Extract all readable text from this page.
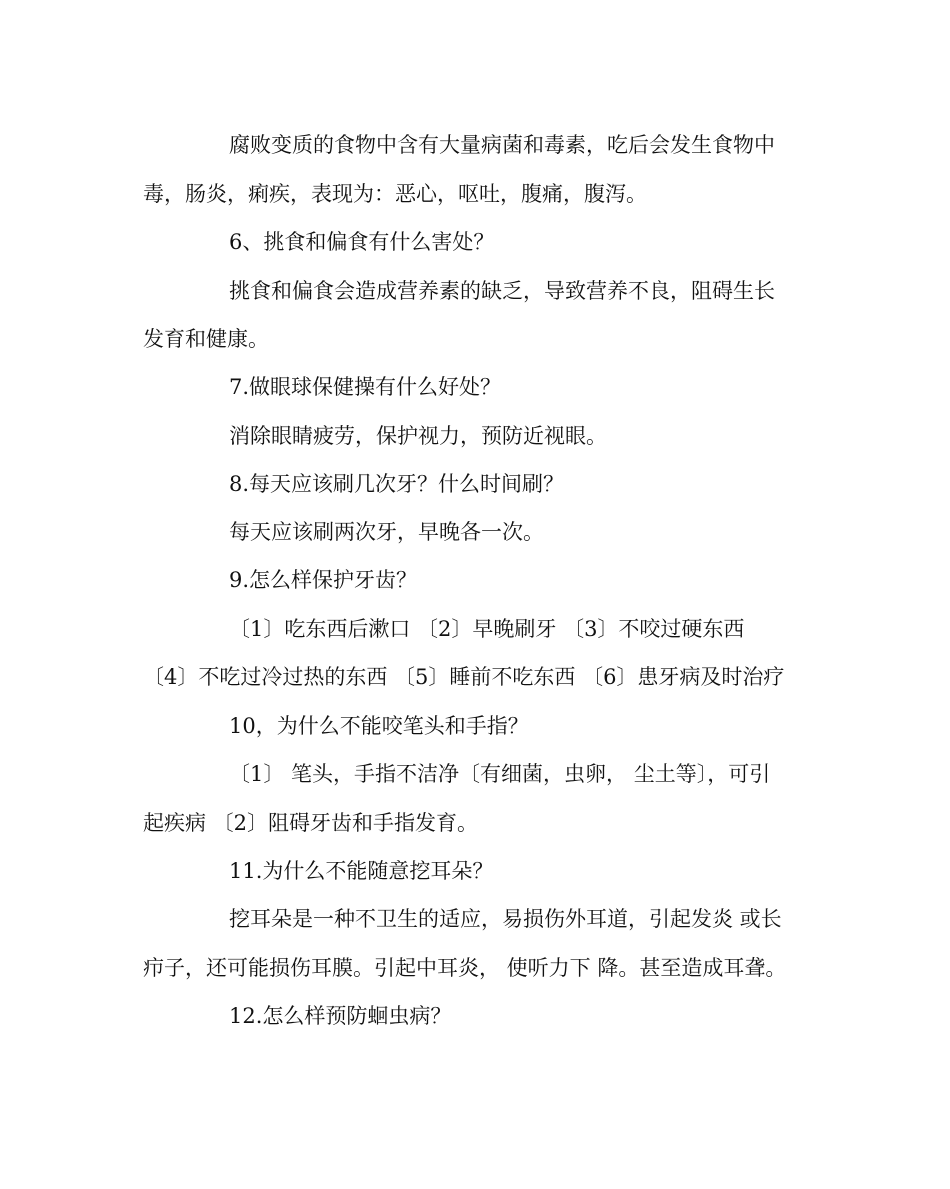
腐败变质的食物中含有大量病菌和毒素，吃后会发生食物中
毒，肠炎，痢疾，表现为：恶心，呕吐，腹痛，腹泻。
6、挑食和偏食有什么害处？
挑食和偏食会造成营养素的缺乏，导致营养不良，阻碍生长
发育和健康。
7.做眼球保健操有什么好处？
消除眼睛疲劳，保护视力，预防近视眼。
8.每天应该刷几次牙？什么时间刷？
每天应该刷两次牙，早晚各一次。
9.怎么样保护牙齿？
〔1〕吃东西后漱口 〔2〕早晚刷牙 〔3〕不咬过硬东西
〔4〕不吃过冷过热的东西 〔5〕睡前不吃东西 〔6〕患牙病及时治疗
10，为什么不能咬笔头和手指？
〔1〕 笔头，手指不洁净〔有细菌，虫卵， 尘土等〕，可引
起疾病 〔2〕阻碍牙齿和手指发育。
11.为什么不能随意挖耳朵？
挖耳朵是一种不卫生的适应，易损伤外耳道，引起发炎 或长
疖子，还可能损伤耳膜。引起中耳炎， 使听力下 降。甚至造成耳聋。
12.怎么样预防蛔虫病？
